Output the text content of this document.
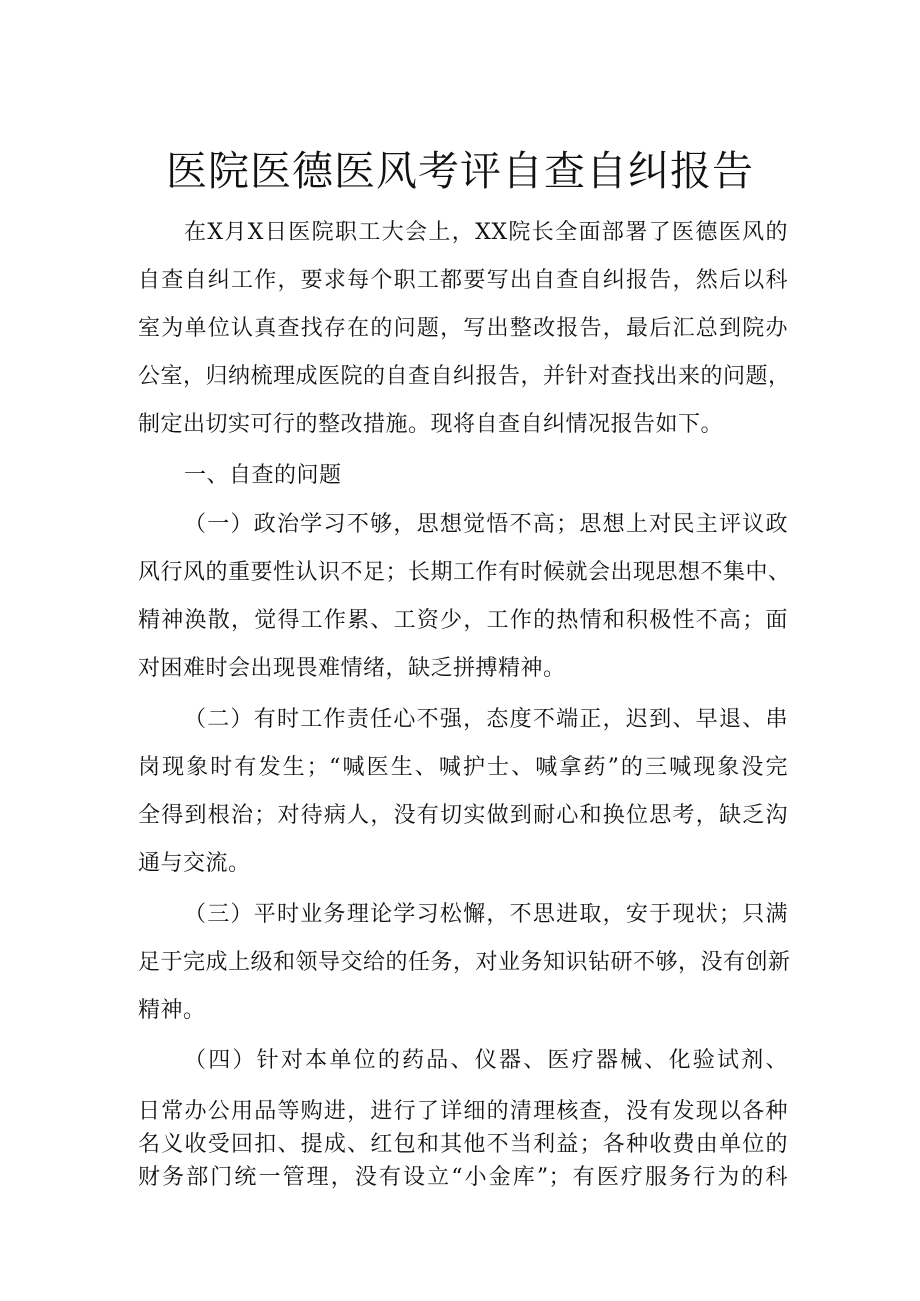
医院医德医风考评自查自纠报告
在X月X日医院职工大会上，XX院长全面部署了医德医风的
自查自纠工作，要求每个职工都要写出自查自纠报告，然后以科
室为单位认真查找存在的问题，写出整改报告，最后汇总到院办
公室，归纳梳理成医院的自查自纠报告，并针对查找出来的问题，
制定出切实可行的整改措施。现将自查自纠情况报告如下。
一、自查的问题
（一）政治学习不够，思想觉悟不高；思想上对民主评议政
风行风的重要性认识不足；长期工作有时候就会出现思想不集中、
精神涣散，觉得工作累、工资少，工作的热情和积极性不高；面
对困难时会出现畏难情绪，缺乏拼搏精神。
（二）有时工作责任心不强，态度不端正，迟到、早退、串
岗现象时有发生；“喊医生、喊护士、喊拿药”的三喊现象没完
全得到根治；对待病人，没有切实做到耐心和换位思考，缺乏沟
通与交流。
（三）平时业务理论学习松懈，不思进取，安于现状；只满
足于完成上级和领导交给的任务，对业务知识钻研不够，没有创新
精神。
（四）针对本单位的药品、仪器、医疗器械、化验试剂、
日常办公用品等购进，进行了详细的清理核查，没有发现以各种
名义收受回扣、提成、红包和其他不当利益；各种收费由单位的
财务部门统一管理，没有设立“小金库”；有医疗服务行为的科
